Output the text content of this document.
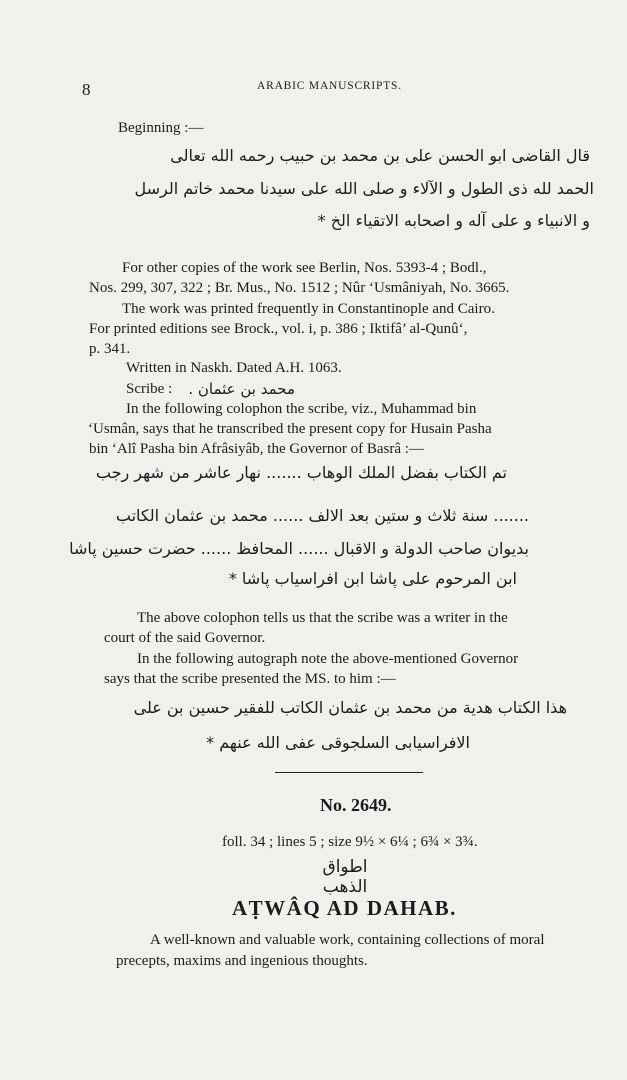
8	ARABIC MANUSCRIPTS.
Beginning :—
قال القاضى ابو الحسن على بن محمد بن حبيب رحمه الله تعالى
الحمد لله ذى الطول و الآلاء و صلى الله على سيدنا محمد خاتم الرسل
و الانبياء و على آله و اصحابه الاتقياء الخ *
For other copies of the work see Berlin, Nos. 5393-4 ; Bodl.,
Nos. 299, 307, 322 ; Br. Mus., No. 1512 ; Nûr ‘Usmâniyah, No. 3665.
The work was printed frequently in Constantinople and Cairo.
For printed editions see Brock., vol. i, p. 386 ; Iktifâ’ al-Qunû‘,
p. 341.
Written in Naskh. Dated A.H. 1063.
Scribe : محمد بن عثمان .
In the following colophon the scribe, viz., Muhammad bin
‘Usmân, says that he transcribed the present copy for Husain Pasha
bin ‘Alî Pasha bin Afrâsiyâb, the Governor of Basrâ :—
تم الكتاب بفضل الملك الوهاب ....... نهار عاشر من شهر رجب
....... سنة ثلاث و ستين بعد الالف ...... محمد بن عثمان الكاتب
بديوان صاحب الدولة و الاقبال ...... المحافظ ...... حضرت حسين پاشا
ابن المرحوم على پاشا ابن افراسياب پاشا *
The above colophon tells us that the scribe was a writer in the
court of the said Governor.
In the following autograph note the above-mentioned Governor
says that the scribe presented the MS. to him :—
هذا الكتاب هدية من محمد بن عثمان الكاتب للفقير حسين بن على
الافراسيابى السلجوقى عفى الله عنهم *
No. 2649.
foll. 34 ; lines 5 ; size 9½ × 6¼ ; 6¾ × 3¾.
اطواق الذهب
AṬWÂQ AD DAHAB.
A well-known and valuable work, containing collections of moral
precepts, maxims and ingenious thoughts.
